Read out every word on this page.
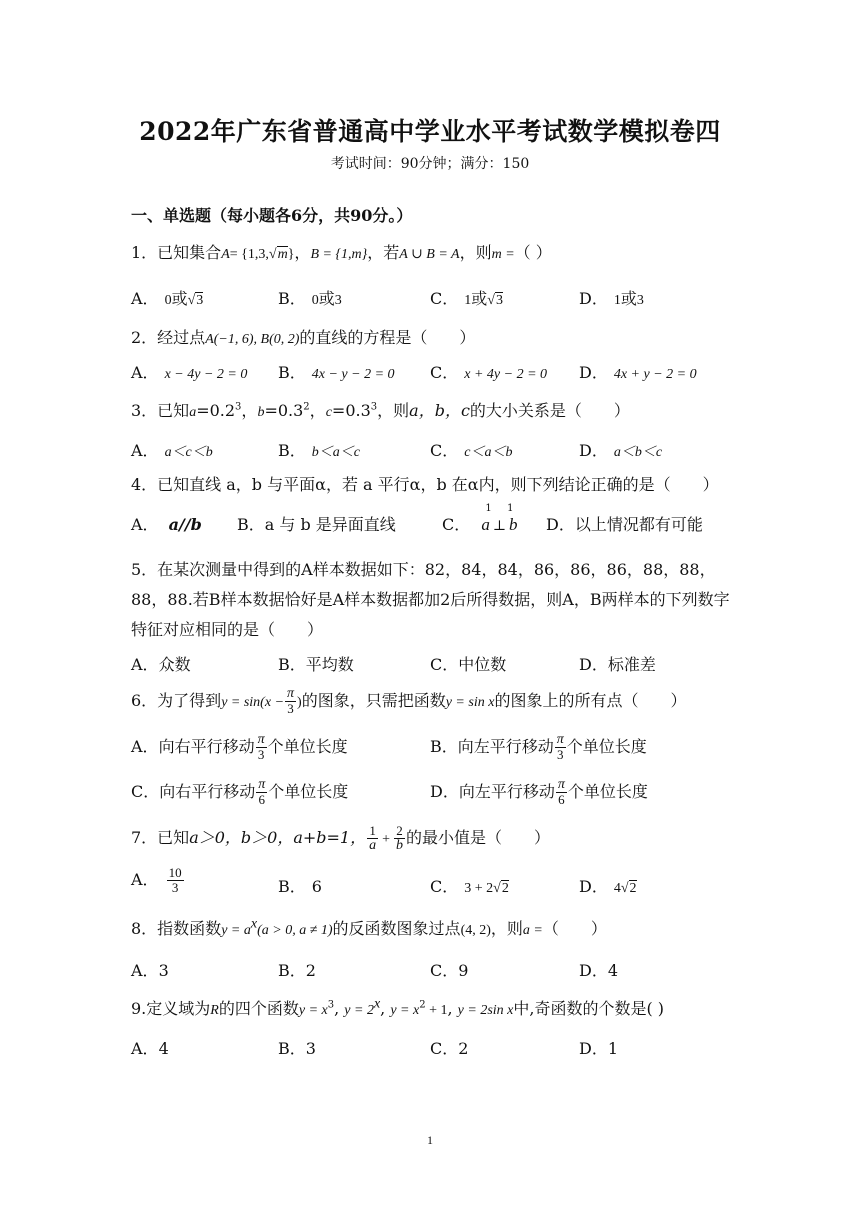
2022年广东省普通高中学业水平考试数学模拟卷四
考试时间：90分钟；满分：150
一、单选题（每小题各6分，共90分。）
1．已知集合A= {1,3,√m}，B = {1,m}，若A ∪ B = A，则m =（ ）
A． 0或√3	B． 0或3	C． 1或√3	D． 1或3
2．经过点A(−1, 6), B(0, 2)的直线的方程是（　　）
A． x − 4y − 2 = 0 B． 4x − y − 2 = 0 C． x + 4y − 2 = 0 D． 4x + y − 2 = 0
3．已知$a=0.2^3$，$b=0.3^2$，$c=0.3^3$，则a，b，c的大小关系是（　　）
A． a＜c＜b	B． b＜a＜c	C． c＜a＜b	D． a＜b＜c
4．已知直线 a，b 与平面α，若 a 平行α，b 在α内，则下列结论正确的是（　　）
A． a//b B．a 与 b 是异面直线	C．
1
a ⊥
1
b D．以上情况都有可能
5．在某次测量中得到的A样本数据如下：82，84，84，86，86，86，88，88，88，88.若B样本数据恰好是A样本数据都加2后所得数据，则A，B两样本的下列数字特征对应相同的是（　　）
A．众数	B．平均数	C．中位数	D．标准差
6．为了得到$y = \sin(x - \frac{\pi}{3}$ )的图象，只需把函数y = sin x的图象上的所有点（　　）
A．向右平行移动 $\frac{\pi}{3}$ 个单位长度	B．向左平行移动 $\frac{\pi}{3}$ 个单位长度
C．向右平行移动 $\frac{\pi}{6}$ 个单位长度	D．向左平行移动 $\frac{\pi}{6}$ 个单位长度
7．已知a＞0，b＞0，a+b=1， $\frac{1}{a} + \frac{2}{b}$ 的最小值是（　　）
A． $\frac{10}{3}$	B． 6	C． 3 + 2√2	D． 4√2
8．指数函数$y = a^x(a > 0$, a ≠ 1)的反函数图象过点(4, 2)，则a =（　　）
A．3	B．2	C．9	D．4
9.定义域为R的四个函数$y = x^3$, $y = 2^x$, $y = x^2 + 1$, y = 2sin x中,奇函数的个数是( )
A．4	B．3	C．2	D．1
1
